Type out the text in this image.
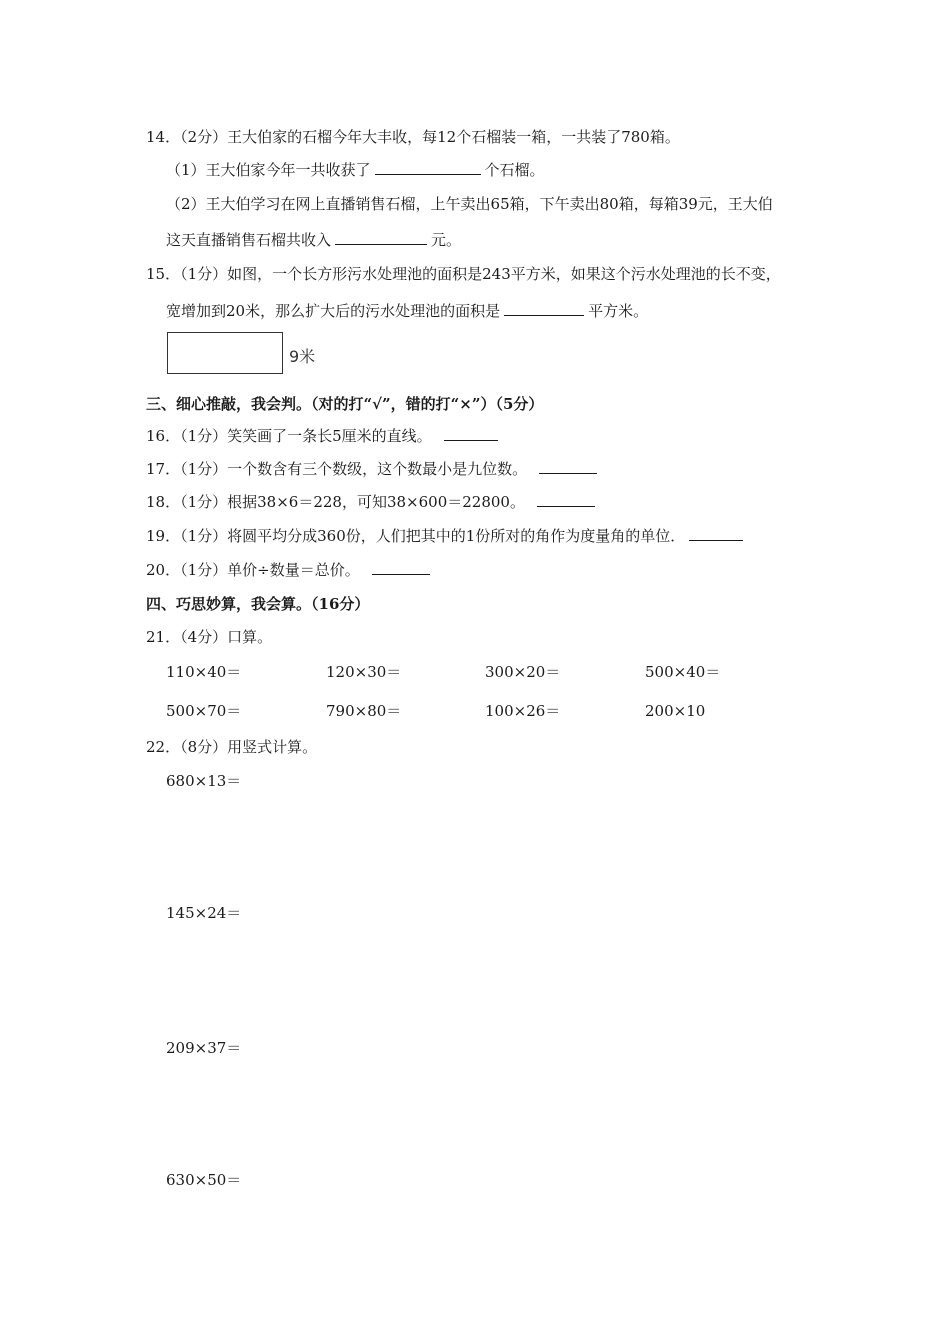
14．（2分）王大伯家的石榴今年大丰收，每12个石榴装一箱，一共装了780箱。
（1）王大伯家今年一共收获了	个石榴。
（2）王大伯学习在网上直播销售石榴，上午卖出65箱，下午卖出80箱，每箱39元，王大伯
这天直播销售石榴共收入	元。
15．（1分）如图，一个长方形污水处理池的面积是243平方米，如果这个污水处理池的长不变，
宽增加到20米，那么扩大后的污水处理池的面积是	平方米。
9米
三、细心推敲，我会判。（对的打“√”，错的打“×”）（5分）
16．（1分）笑笑画了一条长5厘米的直线。
17．（1分）一个数含有三个数级，这个数最小是九位数。
18．（1分）根据38×6＝228，可知38×600＝22800。
19．（1分）将圆平均分成360份，人们把其中的1份所对的角作为度量角的单位．
20．（1分）单价÷数量＝总价。
四、巧思妙算，我会算。（16分）
21．（4分）口算。
110×40＝	120×30＝	300×20＝	500×40＝
500×70＝	790×80＝	100×26＝	200×10
22．（8分）用竖式计算。
680×13＝
145×24＝
209×37＝
630×50＝
